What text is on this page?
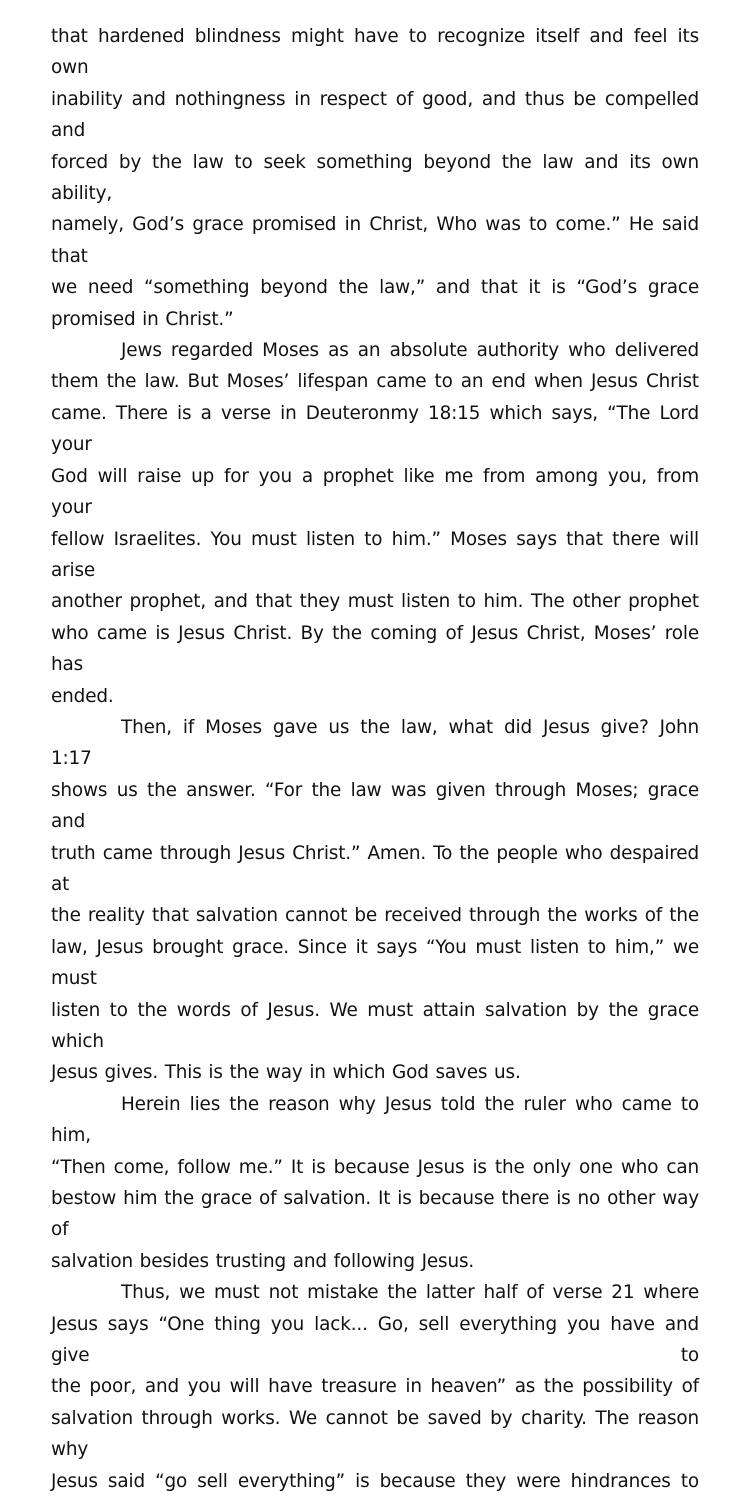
that hardened blindness might have to recognize itself and feel its own
inability and nothingness in respect of good, and thus be compelled and
forced by the law to seek something beyond the law and its own ability,
namely, God’s grace promised in Christ, Who was to come.” He said that
we need “something beyond the law,” and that it is “God’s grace
promised in Christ.”

Jews regarded Moses as an absolute authority who delivered
them the law. But Moses’ lifespan came to an end when Jesus Christ
came. There is a verse in Deuteronmy 18:15 which says, “The Lord your
God will raise up for you a prophet like me from among you, from your
fellow Israelites. You must listen to him.” Moses says that there will arise
another prophet, and that they must listen to him. The other prophet
who came is Jesus Christ. By the coming of Jesus Christ, Moses’ role has
ended.

Then, if Moses gave us the law, what did Jesus give? John 1:17
shows us the answer. “For the law was given through Moses; grace and
truth came through Jesus Christ.” Amen. To the people who despaired at
the reality that salvation cannot be received through the works of the
law, Jesus brought grace. Since it says “You must listen to him,” we must
listen to the words of Jesus. We must attain salvation by the grace which
Jesus gives. This is the way in which God saves us.

Herein lies the reason why Jesus told the ruler who came to him,
“Then come, follow me.” It is because Jesus is the only one who can
bestow him the grace of salvation. It is because there is no other way of
salvation besides trusting and following Jesus.

Thus, we must not mistake the latter half of verse 21 where
Jesus says “One thing you lack... Go, sell everything you have and give to
the poor, and you will have treasure in heaven” as the possibility of
salvation through works. We cannot be saved by charity. The reason why
Jesus said “go sell everything” is because they were hindrances to
